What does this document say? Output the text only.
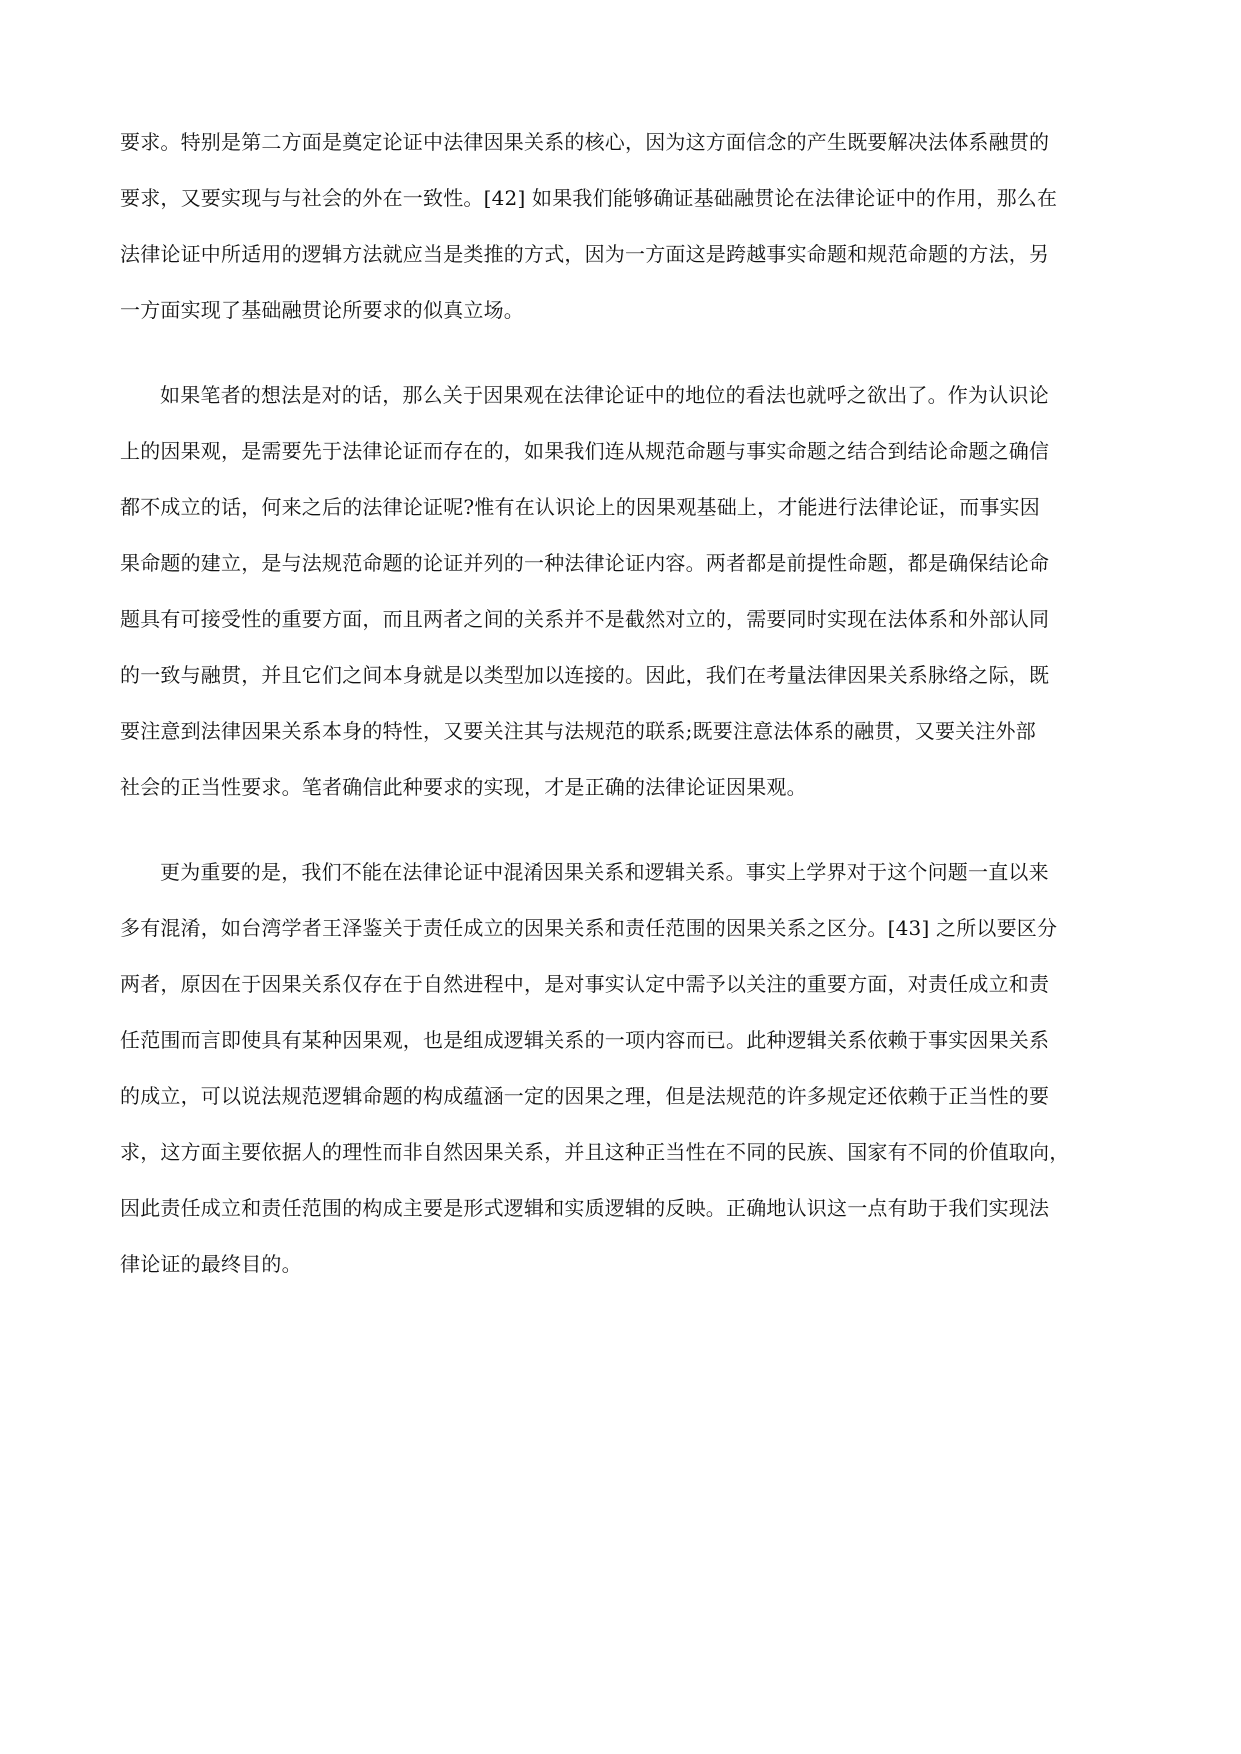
要求。特别是第二方面是奠定论证中法律因果关系的核心，因为这方面信念的产生既要解决法体系融贯的
要求，又要实现与与社会的外在一致性。[42] 如果我们能够确证基础融贯论在法律论证中的作用，那么在
法律论证中所适用的逻辑方法就应当是类推的方式，因为一方面这是跨越事实命题和规范命题的方法，另
一方面实现了基础融贯论所要求的似真立场。
如果笔者的想法是对的话，那么关于因果观在法律论证中的地位的看法也就呼之欲出了。作为认识论
上的因果观，是需要先于法律论证而存在的，如果我们连从规范命题与事实命题之结合到结论命题之确信
都不成立的话，何来之后的法律论证呢?惟有在认识论上的因果观基础上，才能进行法律论证，而事实因
果命题的建立，是与法规范命题的论证并列的一种法律论证内容。两者都是前提性命题，都是确保结论命
题具有可接受性的重要方面，而且两者之间的关系并不是截然对立的，需要同时实现在法体系和外部认同
的一致与融贯，并且它们之间本身就是以类型加以连接的。因此，我们在考量法律因果关系脉络之际，既
要注意到法律因果关系本身的特性，又要关注其与法规范的联系;既要注意法体系的融贯，又要关注外部
社会的正当性要求。笔者确信此种要求的实现，才是正确的法律论证因果观。
更为重要的是，我们不能在法律论证中混淆因果关系和逻辑关系。事实上学界对于这个问题一直以来
多有混淆，如台湾学者王泽鉴关于责任成立的因果关系和责任范围的因果关系之区分。[43] 之所以要区分
两者，原因在于因果关系仅存在于自然进程中，是对事实认定中需予以关注的重要方面，对责任成立和责
任范围而言即使具有某种因果观，也是组成逻辑关系的一项内容而已。此种逻辑关系依赖于事实因果关系
的成立，可以说法规范逻辑命题的构成蕴涵一定的因果之理，但是法规范的许多规定还依赖于正当性的要
求，这方面主要依据人的理性而非自然因果关系，并且这种正当性在不同的民族、国家有不同的价值取向，
因此责任成立和责任范围的构成主要是形式逻辑和实质逻辑的反映。正确地认识这一点有助于我们实现法
律论证的最终目的。
